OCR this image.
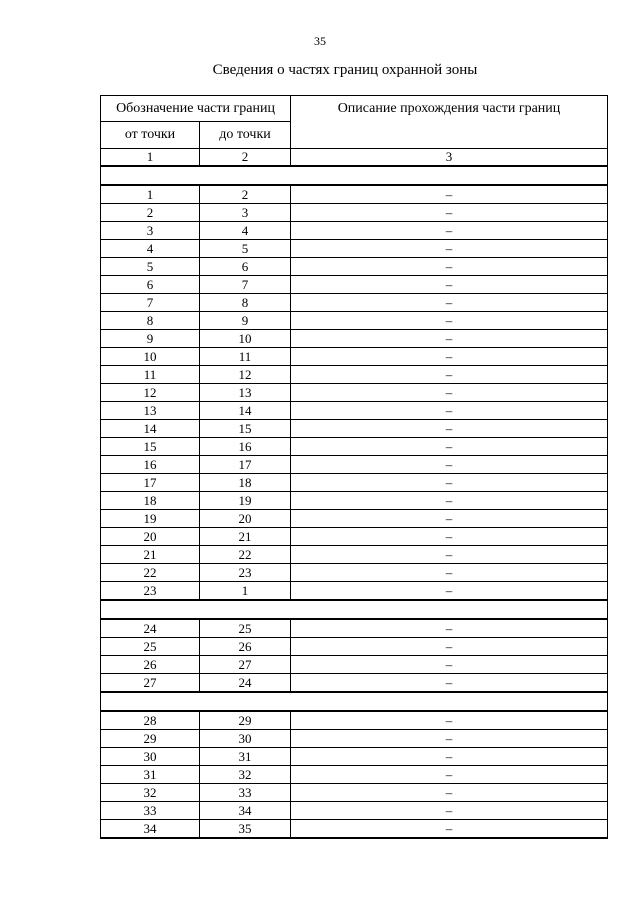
35
Сведения о частях границ охранной зоны
Обозначение части границ		Описание прохождения части границ
от точки	до точки	
1	2	3

1	2	–
2	3	–
3	4	–
4	5	–
5	6	–
6	7	–
7	8	–
8	9	–
9	10	–
10	11	–
11	12	–
12	13	–
13	14	–
14	15	–
15	16	–
16	17	–
17	18	–
18	19	–
19	20	–
20	21	–
21	22	–
22	23	–
23	1	–

24	25	–
25	26	–
26	27	–
27	24	–

28	29	–
29	30	–
30	31	–
31	32	–
32	33	–
33	34	–
34	35	–
